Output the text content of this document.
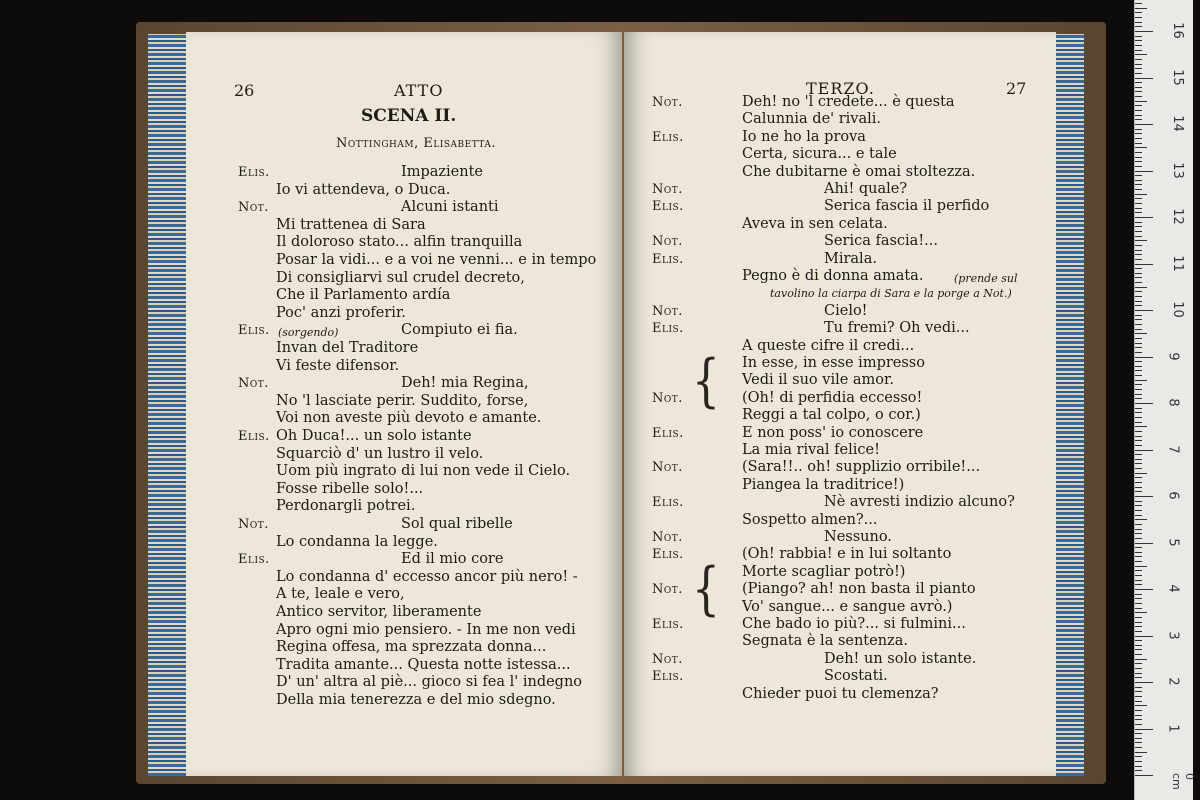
26	ATTO
SCENA II.
Nottingham, Elisabetta.
Elis.	Impaziente
Io vi attendeva, o Duca.
Not.	Alcuni istanti
Mi trattenea di Sara
Il doloroso stato... alfin tranquilla
Posar la vidi... e a voi ne venni... e in tempo
Di consigliarvi sul crudel decreto,
Che il Parlamento ardía
Poc' anzi proferir.
Elis. (sorgendo)	Compiuto ei fia.
Invan del Traditore
Vi feste difensor.
Not.	Deh! mia Regina,
No 'l lasciate perir. Suddito, forse,
Voi non aveste più devoto e amante.
Elis. Oh Duca!... un solo istante
Squarciò d' un lustro il velo.
Uom più ingrato di lui non vede il Cielo.
Fosse ribelle solo!...
Perdonargli potrei.
Not.	Sol qual ribelle
Lo condanna la legge.
Elis.	Ed il mio core
Lo condanna d' eccesso ancor più nero! -
A te, leale e vero,
Antico servitor, liberamente
Apro ogni mio pensiero. - In me non vedi
Regina offesa, ma sprezzata donna...
Tradita amante... Questa notte istessa...
D' un' altra al piè... gioco si fea l' indegno
Della mia tenerezza e del mio sdegno.
TERZO.	27
Not.	Deh! no 'l credete... è questa
Calunnia de' rivali.
Elis.	Io ne ho la prova
Certa, sicura... e tale
Che dubitarne è omai stoltezza.
Not.	Ahi! quale?
Elis.	Serica fascia il perfido
Aveva in sen celata.
Not.	Serica fascia!...
Elis.	Mirala.
(prende sul
Pegno è di donna amata.
tavolino la ciarpa di Sara e la porge a Not.)
Not.	Cielo!
Elis.	Tu fremi? Oh vedi...
A queste cifre il credi...
In esse, in esse impresso
Vedi il suo vile amor.
Not.	(Oh! di perfidia eccesso!
Reggi a tal colpo, o cor.)
Elis.	E non poss' io conoscere
La mia rival felice!
Not.	(Sara!!.. oh! supplizio orribile!...
Piangea la traditrice!)
Elis.	Nè avresti indizio alcuno?
Sospetto almen?...
Not.	Nessuno.
Elis.	(Oh! rabbia! e in lui soltanto
Morte scagliar potrò!)
Not.	(Piango? ah! non basta il pianto
Vo' sangue... e sangue avrò.)
Elis.	Che bado io più?... si fulmini...
Segnata è la sentenza.
Not.	Deh! un solo istante.
Elis.	Scostati.
Chieder puoi tu clemenza?
{
{
0 cm
16
15
14
13
12
11
10
9
8
7
6
5
4
3
2
1
